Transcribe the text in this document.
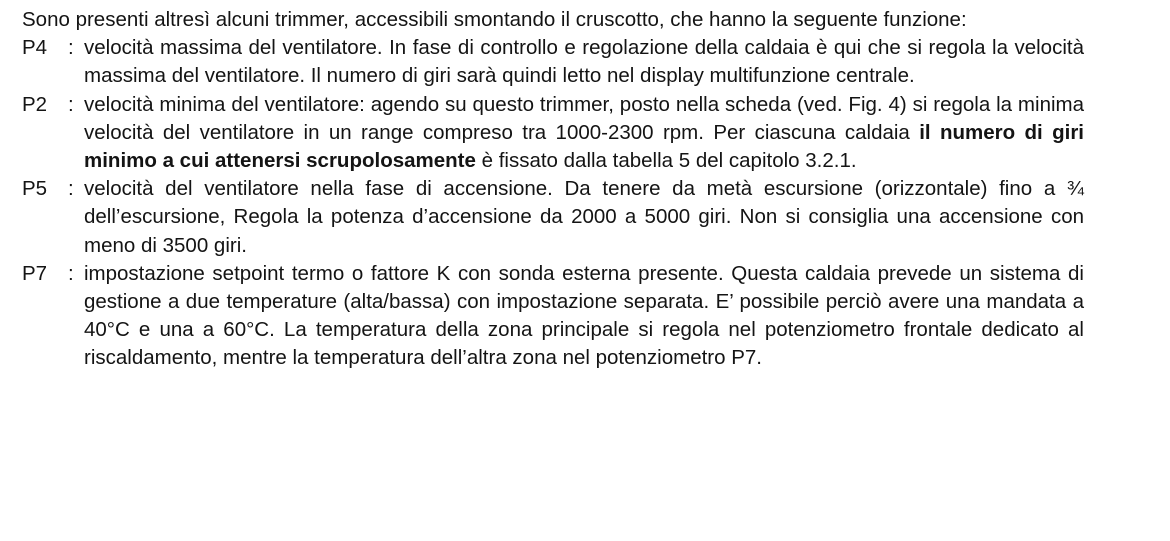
Sono presenti altresì alcuni trimmer, accessibili smontando il cruscotto, che hanno la seguente funzione:

P4	: velocità massima del ventilatore. In fase di controllo e regolazione della caldaia è qui che si regola la velocità massima del ventilatore. Il numero di giri sarà quindi letto nel display multifunzione centrale.

P2	: velocità minima del ventilatore: agendo su questo trimmer, posto nella scheda (ved. Fig. 4) si regola la minima velocità del ventilatore in un range compreso tra 1000-2300 rpm. Per ciascuna caldaia il numero di giri minimo a cui attenersi scrupolosamente è fissato dalla tabella 5 del capitolo 3.2.1.

P5	: velocità del ventilatore nella fase di accensione. Da tenere da metà escursione (orizzontale) fino a ¾ dell’escursione, Regola la potenza d’accensione da 2000 a 5000 giri. Non si consiglia una accensione con meno di 3500 giri.

P7	: impostazione setpoint termo o fattore K con sonda esterna presente. Questa caldaia prevede un sistema di gestione a due temperature (alta/bassa) con impostazione separata. E’ possibile perciò avere una mandata a 40°C e una a 60°C. La temperatura della zona principale si regola nel potenziometro frontale dedicato al riscaldamento, mentre la temperatura dell’altra zona nel potenziometro P7.
